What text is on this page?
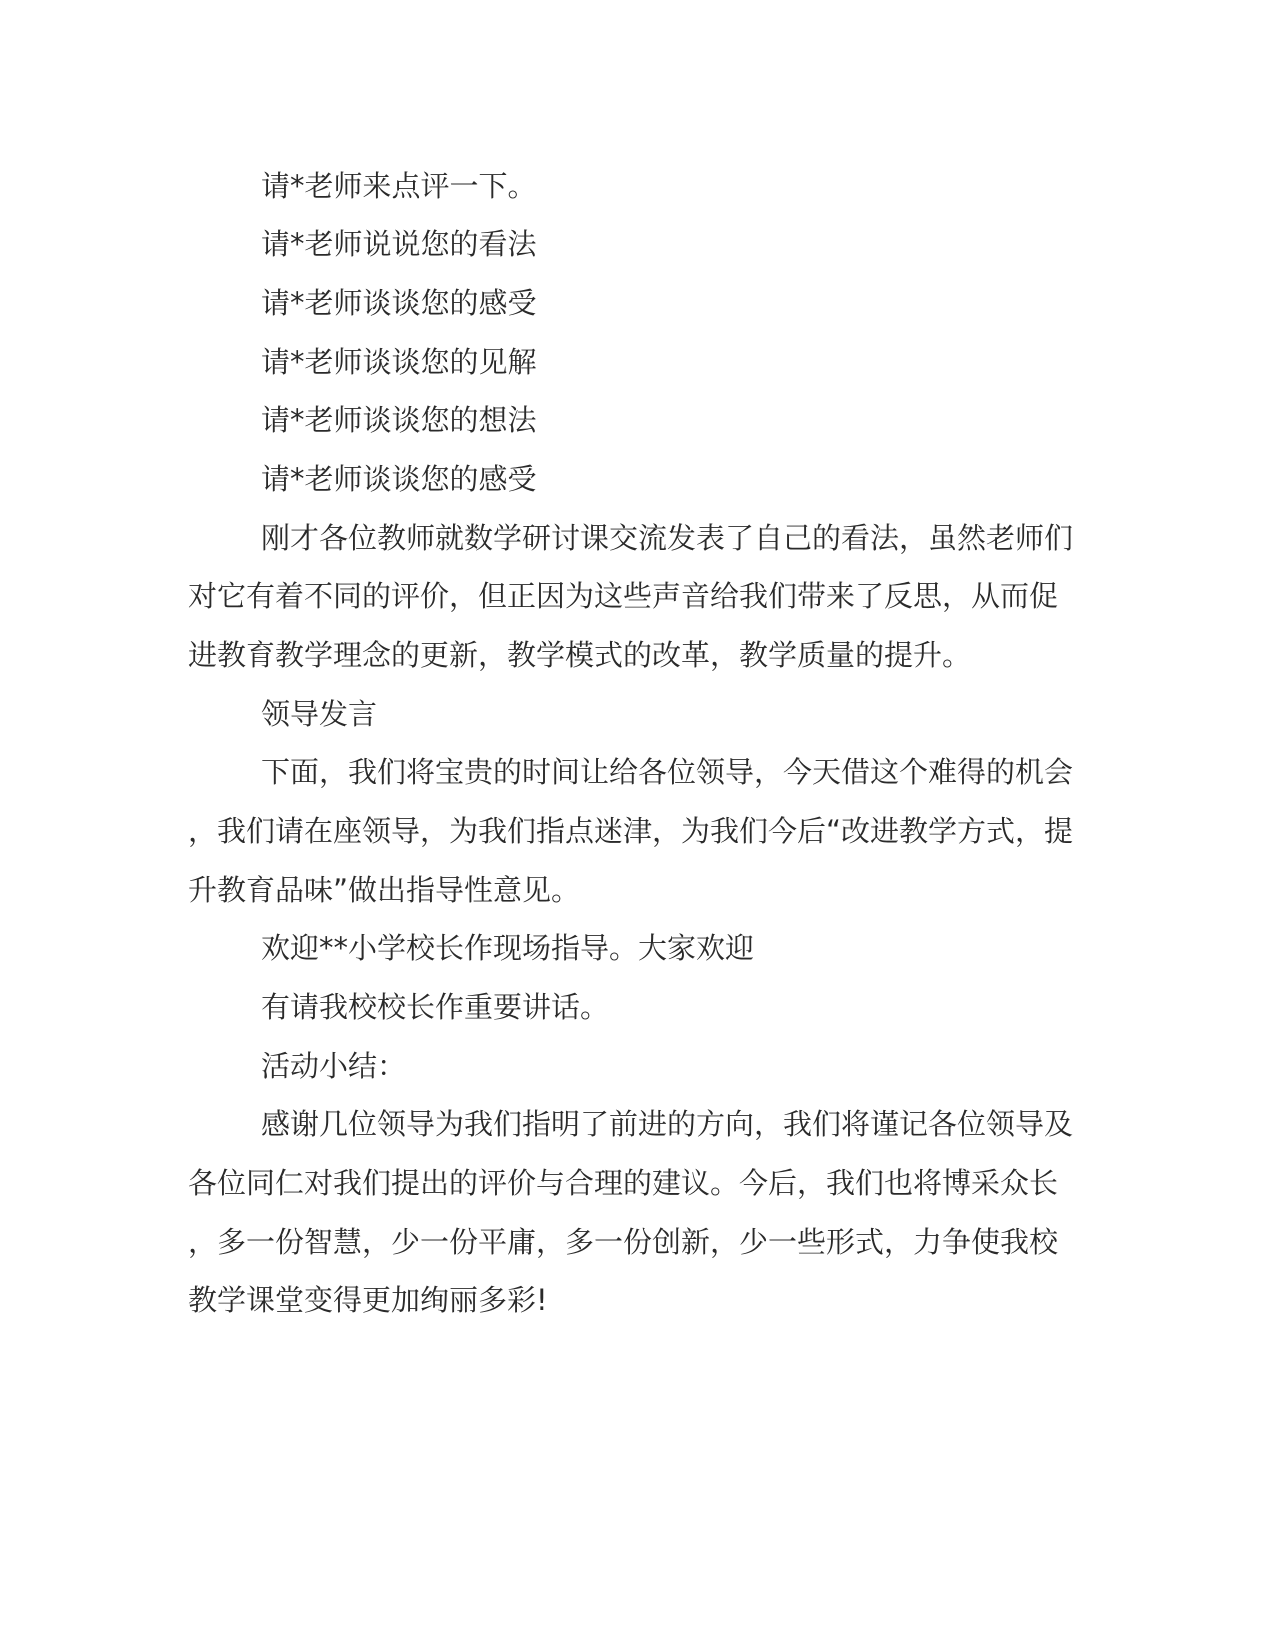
请*老师来点评一下。

请*老师说说您的看法

请*老师谈谈您的感受

请*老师谈谈您的见解

请*老师谈谈您的想法

请*老师谈谈您的感受

刚才各位教师就数学研讨课交流发表了自己的看法，虽然老师们

对它有着不同的评价，但正因为这些声音给我们带来了反思，从而促

进教育教学理念的更新，教学模式的改革，教学质量的提升。

领导发言

下面，我们将宝贵的时间让给各位领导，今天借这个难得的机会

，我们请在座领导，为我们指点迷津，为我们今后“改进教学方式，提

升教育品味”做出指导性意见。

欢迎**小学校长作现场指导。大家欢迎

有请我校校长作重要讲话。

活动小结：

感谢几位领导为我们指明了前进的方向，我们将谨记各位领导及

各位同仁对我们提出的评价与合理的建议。今后，我们也将博采众长

，多一份智慧，少一份平庸，多一份创新，少一些形式，力争使我校

教学课堂变得更加绚丽多彩!
